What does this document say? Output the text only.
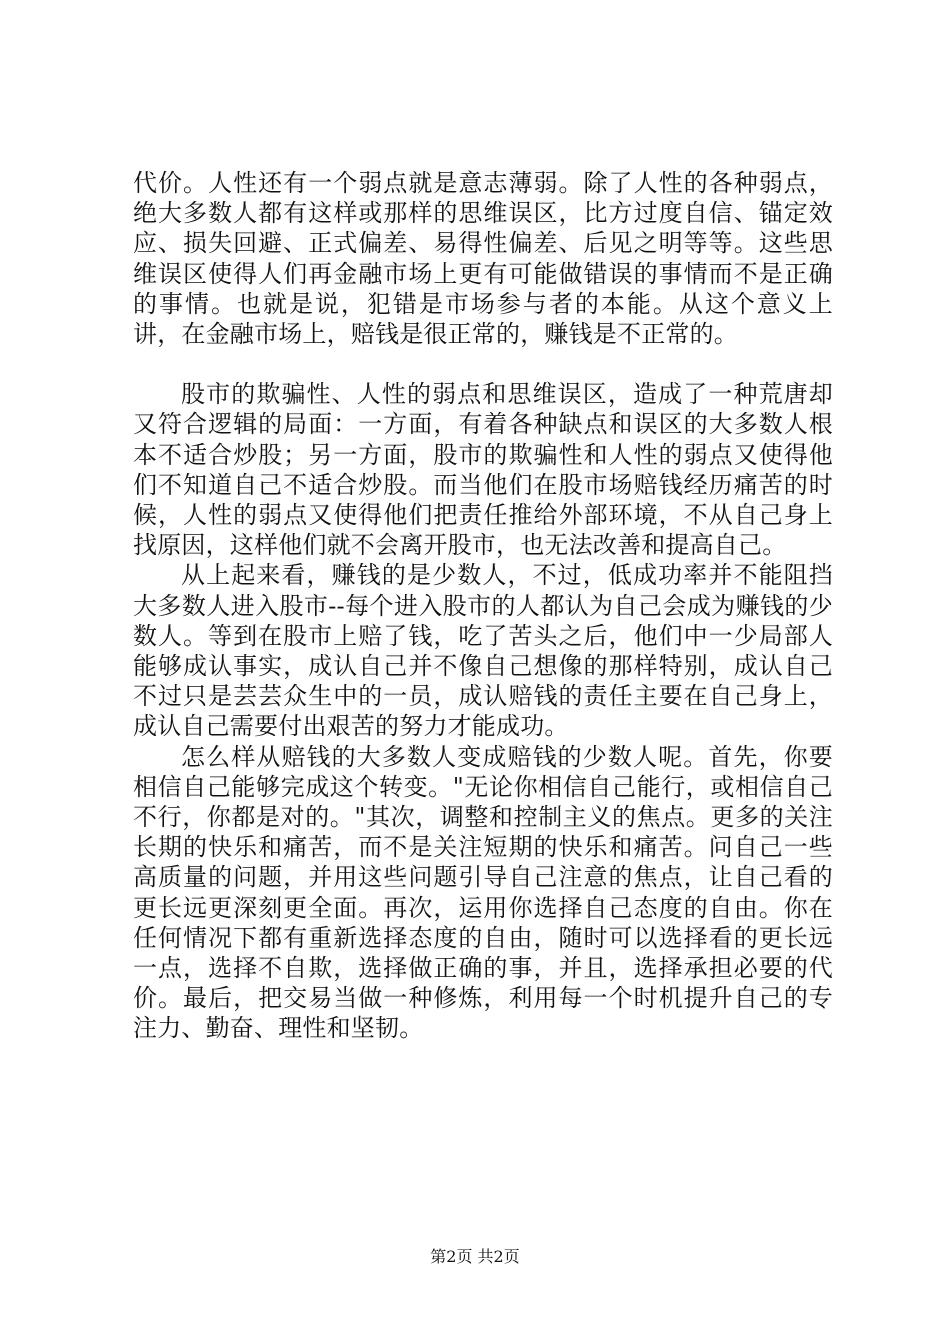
代价。人性还有一个弱点就是意志薄弱。除了人性的各种弱点，绝大多数人都有这样或那样的思维误区，比方过度自信、锚定效应、损失回避、正式偏差、易得性偏差、后见之明等等。这些思维误区使得人们再金融市场上更有可能做错误的事情而不是正确的事情。也就是说，犯错是市场参与者的本能。从这个意义上讲，在金融市场上，赔钱是很正常的，赚钱是不正常的。

股市的欺骗性、人性的弱点和思维误区，造成了一种荒唐却又符合逻辑的局面：一方面，有着各种缺点和误区的大多数人根本不适合炒股；另一方面，股市的欺骗性和人性的弱点又使得他们不知道自己不适合炒股。而当他们在股市场赔钱经历痛苦的时候，人性的弱点又使得他们把责任推给外部环境，不从自己身上找原因，这样他们就不会离开股市，也无法改善和提高自己。

从上起来看，赚钱的是少数人，不过，低成功率并不能阻挡大多数人进入股市--每个进入股市的人都认为自己会成为赚钱的少数人。等到在股市上赔了钱，吃了苦头之后，他们中一少局部人能够成认事实，成认自己并不像自己想像的那样特别，成认自己不过只是芸芸众生中的一员，成认赔钱的责任主要在自己身上，成认自己需要付出艰苦的努力才能成功。

怎么样从赔钱的大多数人变成赔钱的少数人呢。首先，你要相信自己能够完成这个转变。"无论你相信自己能行，或相信自己不行，你都是对的。"其次，调整和控制主义的焦点。更多的关注长期的快乐和痛苦，而不是关注短期的快乐和痛苦。问自己一些高质量的问题，并用这些问题引导自己注意的焦点，让自己看的更长远更深刻更全面。再次，运用你选择自己态度的自由。你在任何情况下都有重新选择态度的自由，随时可以选择看的更长远一点，选择不自欺，选择做正确的事，并且，选择承担必要的代价。最后，把交易当做一种修炼，利用每一个时机提升自己的专注力、勤奋、理性和坚韧。

第2页 共2页
